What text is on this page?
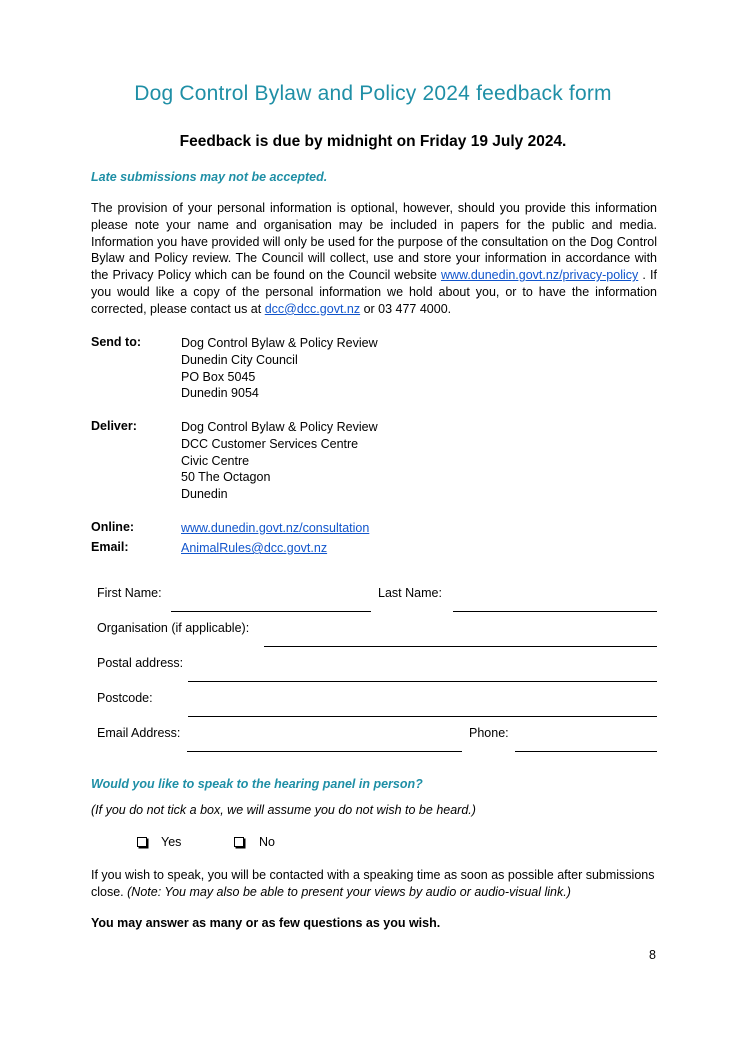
Dog Control Bylaw and Policy 2024 feedback form
Feedback is due by midnight on Friday 19 July 2024.
Late submissions may not be accepted.

The provision of your personal information is optional, however, should you provide this information please note your name and organisation may be included in papers for the public and media. Information you have provided will only be used for the purpose of the consultation on the Dog Control Bylaw and Policy review. The Council will collect, use and store your information in accordance with the Privacy Policy which can be found on the Council website www.dunedin.govt.nz/privacy-policy . If you would like a copy of the personal information we hold about you, or to have the information corrected, please contact us at dcc@dcc.govt.nz or 03 477 4000.

Send to:	Dog Control Bylaw & Policy Review
Dunedin City Council
PO Box 5045
Dunedin 9054
Deliver:	Dog Control Bylaw & Policy Review
DCC Customer Services Centre
Civic Centre
50 The Octagon
Dunedin
Online:	www.dunedin.govt.nz/consultation
Email:	AnimalRules@dcc.govt.nz
First Name:	Last Name:
Organisation (if applicable):
Postal address:
Postcode:
Email Address:	Phone:
Would you like to speak to the hearing panel in person?
(If you do not tick a box, we will assume you do not wish to be heard.)
Yes	No

If you wish to speak, you will be contacted with a speaking time as soon as possible after submissions close. (Note: You may also be able to present your views by audio or audio-visual link.)

You may answer as many or as few questions as you wish.
8
